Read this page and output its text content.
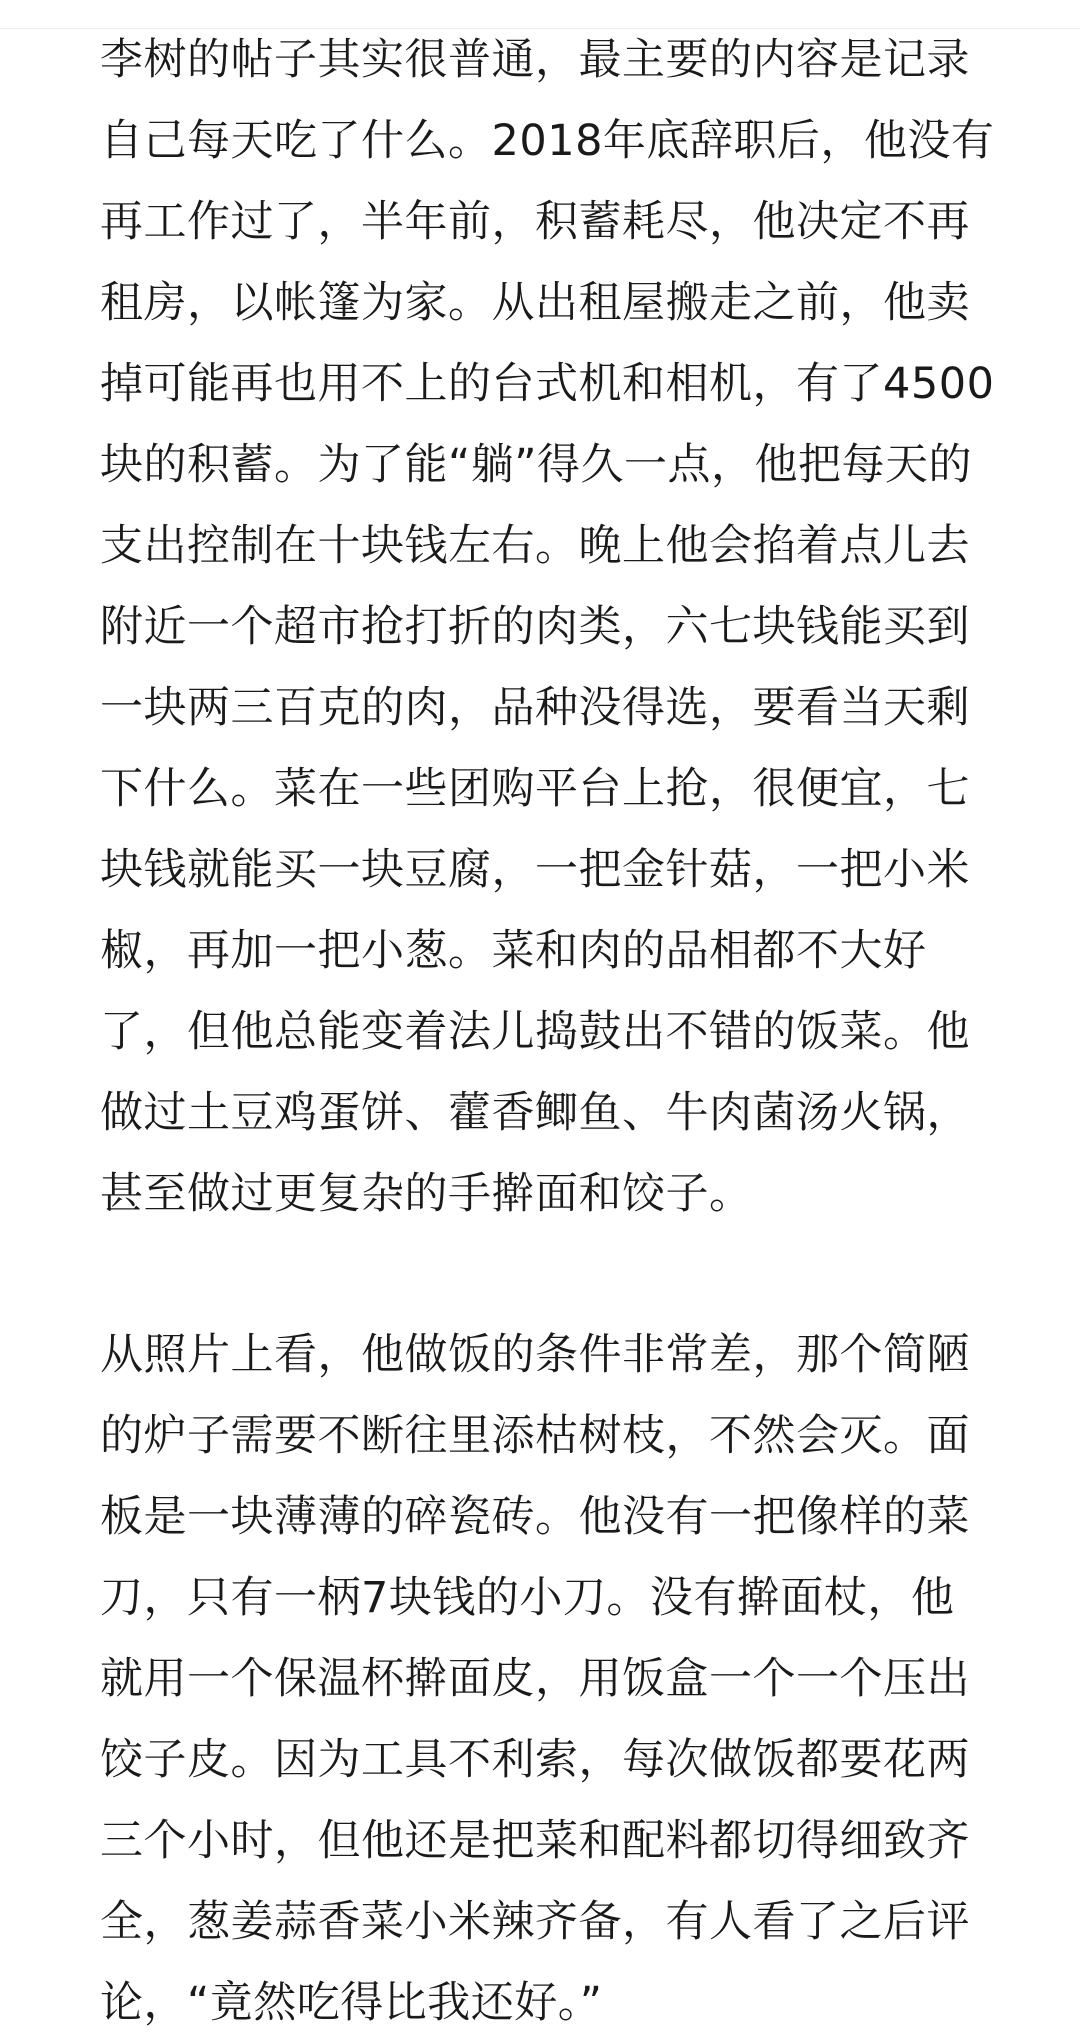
李树的帖子其实很普通，最主要的内容是记录
自己每天吃了什么。2018年底辞职后，他没有
再工作过了，半年前，积蓄耗尽，他决定不再
租房，以帐篷为家。从出租屋搬走之前，他卖
掉可能再也用不上的台式机和相机，有了4500
块的积蓄。为了能“躺”得久一点，他把每天的
支出控制在十块钱左右。晚上他会掐着点儿去
附近一个超市抢打折的肉类，六七块钱能买到
一块两三百克的肉，品种没得选，要看当天剩
下什么。菜在一些团购平台上抢，很便宜，七
块钱就能买一块豆腐，一把金针菇，一把小米
椒，再加一把小葱。菜和肉的品相都不大好
了，但他总能变着法儿捣鼓出不错的饭菜。他
做过土豆鸡蛋饼、藿香鲫鱼、牛肉菌汤火锅，
甚至做过更复杂的手擀面和饺子。
从照片上看，他做饭的条件非常差，那个简陋
的炉子需要不断往里添枯树枝，不然会灭。面
板是一块薄薄的碎瓷砖。他没有一把像样的菜
刀，只有一柄7块钱的小刀。没有擀面杖，他
就用一个保温杯擀面皮，用饭盒一个一个压出
饺子皮。因为工具不利索，每次做饭都要花两
三个小时，但他还是把菜和配料都切得细致齐
全，葱姜蒜香菜小米辣齐备，有人看了之后评
论，“竟然吃得比我还好。”
